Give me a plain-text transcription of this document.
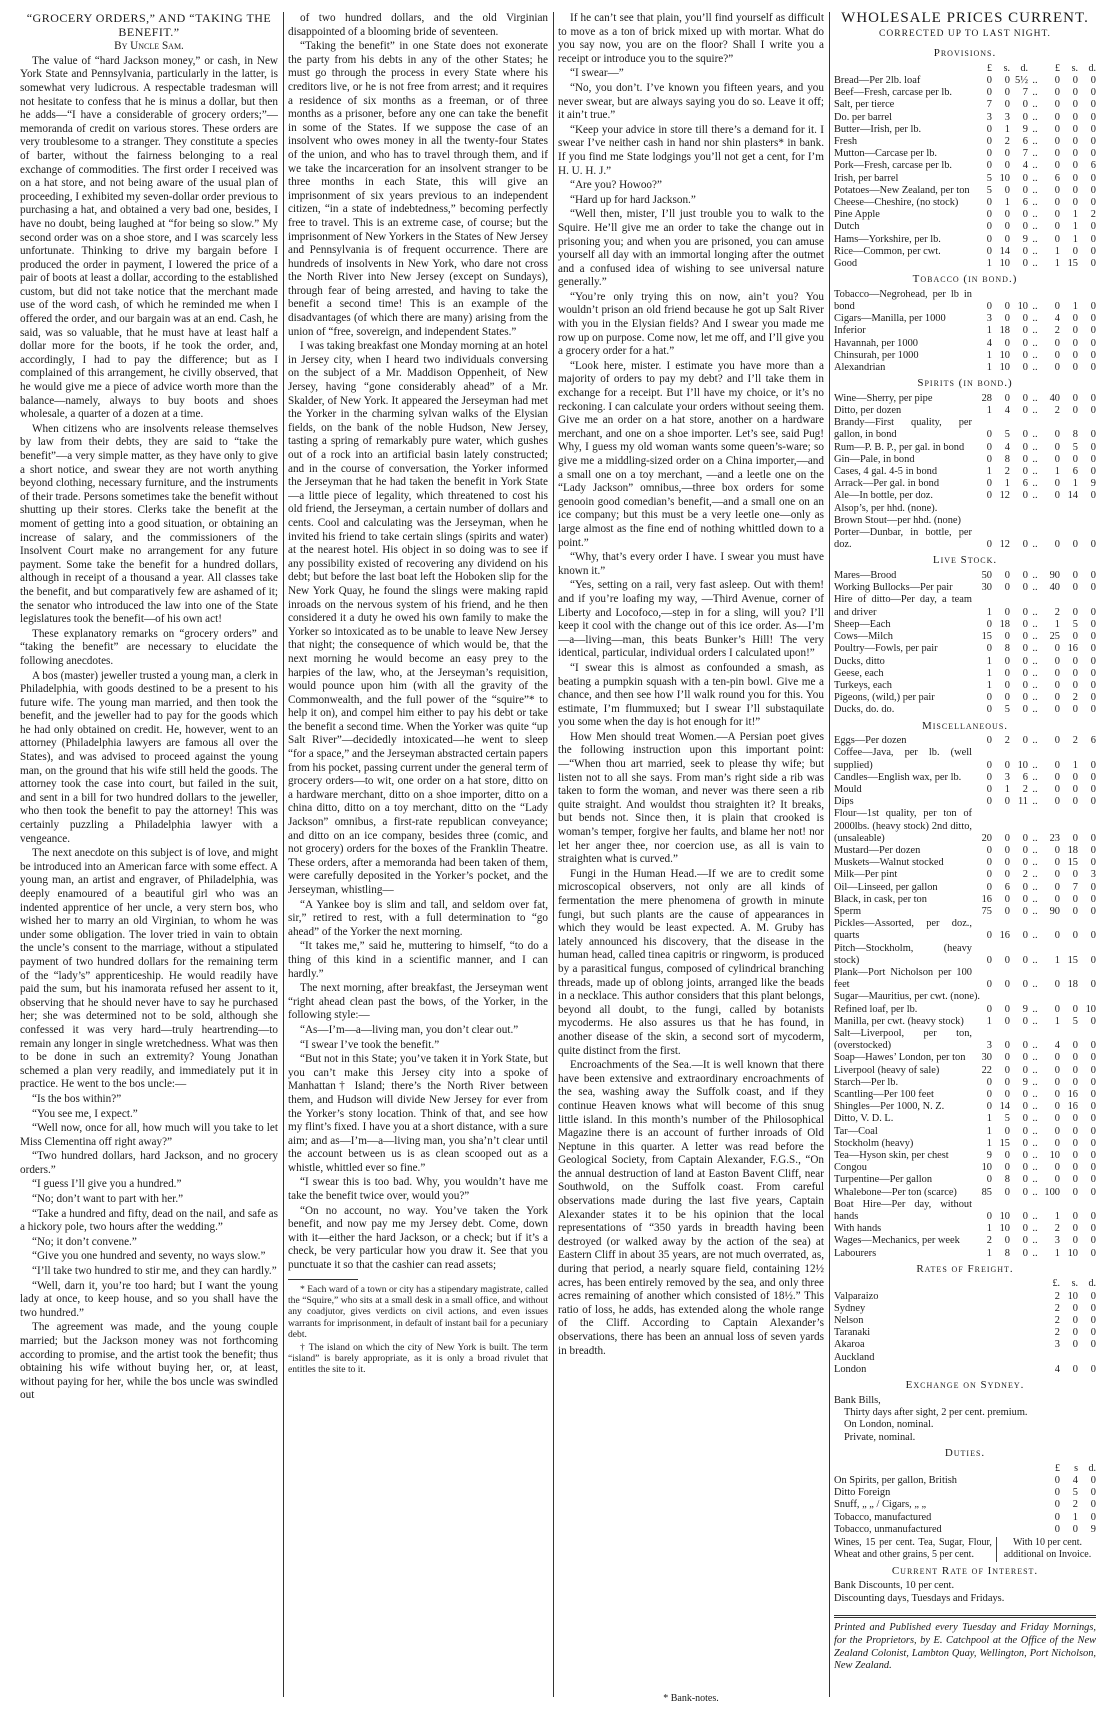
“GROCERY ORDERS,” AND “TAKING THE BENEFIT.”

By Uncle Sam.

The value of “hard Jackson money,” or cash, in New York State and Pennsylvania, particularly in the latter, is somewhat very ludicrous. A respectable tradesman will not hesitate to confess that he is minus a dollar, but then he adds—“I have a considerable of grocery orders;”—memoranda of credit on various stores. These orders are very troublesome to a stranger. They constitute a species of barter, without the fairness belonging to a real exchange of commodities. The first order I received was on a hat store, and not being aware of the usual plan of proceeding, I exhibited my seven-dollar order previous to purchasing a hat, and obtained a very bad one, besides, I have no doubt, being laughed at “for being so slow.” My second order was on a shoe store, and I was scarcely less unfortunate. Thinking to drive my bargain before I produced the order in payment, I lowered the price of a pair of boots at least a dollar, according to the established custom, but did not take notice that the merchant made use of the word cash, of which he reminded me when I offered the order, and our bargain was at an end. Cash, he said, was so valuable, that he must have at least half a dollar more for the boots, if he took the order, and, accordingly, I had to pay the difference; but as I complained of this arrangement, he civilly observed, that he would give me a piece of advice worth more than the balance—namely, always to buy boots and shoes wholesale, a quarter of a dozen at a time.

When citizens who are insolvents release themselves by law from their debts, they are said to “take the benefit”—a very simple matter, as they have only to give a short notice, and swear they are not worth anything beyond clothing, necessary furniture, and the instruments of their trade. Persons sometimes take the benefit without shutting up their stores. Clerks take the benefit at the moment of getting into a good situation, or obtaining an increase of salary, and the commissioners of the Insolvent Court make no arrangement for any future payment. Some take the benefit for a hundred dollars, although in receipt of a thousand a year. All classes take the benefit, and but comparatively few are ashamed of it; the senator who introduced the law into one of the State legislatures took the benefit—of his own act!

These explanatory remarks on “grocery orders” and “taking the benefit” are necessary to elucidate the following anecdotes.

A bos (master) jeweller trusted a young man, a clerk in Philadelphia, with goods destined to be a present to his future wife. The young man married, and then took the benefit, and the jeweller had to pay for the goods which he had only obtained on credit. He, however, went to an attorney (Philadelphia lawyers are famous all over the States), and was advised to proceed against the young man, on the ground that his wife still held the goods. The attorney took the case into court, but failed in the suit, and sent in a bill for two hundred dollars to the jeweller, who then took the benefit to pay the attorney! This was certainly puzzling a Philadelphia lawyer with a vengeance.

The next anecdote on this subject is of love, and might be introduced into an American farce with some effect. A young man, an artist and engraver, of Philadelphia, was deeply enamoured of a beautiful girl who was an indented apprentice of her uncle, a very stern bos, who wished her to marry an old Virginian, to whom he was under some obligation. The lover tried in vain to obtain the uncle’s consent to the marriage, without a stipulated payment of two hundred dollars for the remaining term of the “lady’s” apprenticeship. He would readily have paid the sum, but his inamorata refused her assent to it, observing that he should never have to say he purchased her; she was determined not to be sold, although she confessed it was very hard—truly heartrending—to remain any longer in single wretchedness. What was then to be done in such an extremity? Young Jonathan schemed a plan very readily, and immediately put it in practice. He went to the bos uncle:—

“Is the bos within?”

“You see me, I expect.”

“Well now, once for all, how much will you take to let Miss Clementina off right away?”

“Two hundred dollars, hard Jackson, and no grocery orders.”

“I guess I’ll give you a hundred.”

“No; don’t want to part with her.”

“Take a hundred and fifty, dead on the nail, and safe as a hickory pole, two hours after the wedding.”

“No; it don’t convene.”

“Give you one hundred and seventy, no ways slow.”

“I’ll take two hundred to stir me, and they can hardly.”

“Well, darn it, you’re too hard; but I want the young lady at once, to keep house, and so you shall have the two hundred.”

The agreement was made, and the young couple married; but the Jackson money was not forthcoming according to promise, and the artist took the benefit; thus obtaining his wife without buying her, or, at least, without paying for her, while the bos uncle was swindled out

of two hundred dollars, and the old Virginian disappointed of a blooming bride of seventeen.

“Taking the benefit” in one State does not exonerate the party from his debts in any of the other States; he must go through the process in every State where his creditors live, or he is not free from arrest; and it requires a residence of six months as a freeman, or of three months as a prisoner, before any one can take the benefit in some of the States. If we suppose the case of an insolvent who owes money in all the twenty-four States of the union, and who has to travel through them, and if we take the incarceration for an insolvent stranger to be three months in each State, this will give an imprisonment of six years previous to an independent citizen, “in a state of indebtedness,” becoming perfectly free to travel. This is an extreme case, of course; but the imprisonment of New Yorkers in the States of New Jersey and Pennsylvania is of frequent occurrence. There are hundreds of insolvents in New York, who dare not cross the North River into New Jersey (except on Sundays), through fear of being arrested, and having to take the benefit a second time! This is an example of the disadvantages (of which there are many) arising from the union of “free, sovereign, and independent States.”

I was taking breakfast one Monday morning at an hotel in Jersey city, when I heard two individuals conversing on the subject of a Mr. Maddison Oppenheit, of New Jersey, having “gone considerably ahead” of a Mr. Skalder, of New York. It appeared the Jerseyman had met the Yorker in the charming sylvan walks of the Elysian fields, on the bank of the noble Hudson, New Jersey, tasting a spring of remarkably pure water, which gushes out of a rock into an artificial basin lately constructed; and in the course of conversation, the Yorker informed the Jerseyman that he had taken the benefit in York State—a little piece of legality, which threatened to cost his old friend, the Jerseyman, a certain number of dollars and cents. Cool and calculating was the Jerseyman, when he invited his friend to take certain slings (spirits and water) at the nearest hotel. His object in so doing was to see if any possibility existed of recovering any dividend on his debt; but before the last boat left the Hoboken slip for the New York Quay, he found the slings were making rapid inroads on the nervous system of his friend, and he then considered it a duty he owed his own family to make the Yorker so intoxicated as to be unable to leave New Jersey that night; the consequence of which would be, that the next morning he would become an easy prey to the harpies of the law, who, at the Jerseyman’s requisition, would pounce upon him (with all the gravity of the Commonwealth, and the full power of the “squire”* to help it on), and compel him either to pay his debt or take the benefit a second time. When the Yorker was quite “up Salt River”—decidedly intoxicated—he went to sleep “for a space,” and the Jerseyman abstracted certain papers from his pocket, passing current under the general term of grocery orders—to wit, one order on a hat store, ditto on a hardware merchant, ditto on a shoe importer, ditto on a china ditto, ditto on a toy merchant, ditto on the “Lady Jackson” omnibus, a first-rate republican conveyance; and ditto on an ice company, besides three (comic, and not grocery) orders for the boxes of the Franklin Theatre. These orders, after a memoranda had been taken of them, were carefully deposited in the Yorker’s pocket, and the Jerseyman, whistling—

“A Yankee boy is slim and tall, and seldom over fat, sir,” retired to rest, with a full determination to “go ahead” of the Yorker the next morning.

“It takes me,” said he, muttering to himself, “to do a thing of this kind in a scientific manner, and I can hardly.”

The next morning, after breakfast, the Jerseyman went “right ahead clean past the bows, of the Yorker, in the following style:—

“As—I’m—a—living man, you don’t clear out.”

“I swear I’ve took the benefit.”

“But not in this State; you’ve taken it in York State, but you can’t make this Jersey city into a spoke of Manhattan† Island; there’s the North River between them, and Hudson will divide New Jersey for ever from the Yorker’s stony location. Think of that, and see how my flint’s fixed. I have you at a short distance, with a sure aim; and as—I’m—a—living man, you sha’n’t clear until the account between us is as clean scooped out as a whistle, whittled ever so fine.”

“I swear this is too bad. Why, you wouldn’t have me take the benefit twice over, would you?”

“On no account, no way. You’ve taken the York benefit, and now pay me my Jersey debt. Come, down with it—either the hard Jackson, or a check; but if it’s a check, be very particular how you draw it. See that you punctuate it so that the cashier can read assets;

* Each ward of a town or city has a stipendary magistrate, called the “Squire,” who sits at a small desk in a small office, and without any coadjutor, gives verdicts on civil actions, and even issues warrants for imprisonment, in default of instant bail for a pecuniary debt.

† The island on which the city of New York is built. The term “island” is barely appropriate, as it is only a broad rivulet that entitles the site to it.

If he can’t see that plain, you’ll find yourself as difficult to move as a ton of brick mixed up with mortar. What do you say now, you are on the floor? Shall I write you a receipt or introduce you to the squire?”

“I swear—”

“No, you don’t. I’ve known you fifteen years, and you never swear, but are always saying you do so. Leave it off; it ain’t true.”

“Keep your advice in store till there’s a demand for it. I swear I’ve neither cash in hand nor shin plasters* in bank. If you find me State lodgings you’ll not get a cent, for I’m H. U. H. J.”

“Are you? Howoo?”

“Hard up for hard Jackson.”

“Well then, mister, I’ll just trouble you to walk to the Squire. He’ll give me an order to take the change out in prisoning you; and when you are prisoned, you can amuse yourself all day with an immortal longing after the outmet and a confused idea of wishing to see universal nature generally.”

“You’re only trying this on now, ain’t you? You wouldn’t prison an old friend because he got up Salt River with you in the Elysian fields? And I swear you made me row up on purpose. Come now, let me off, and I’ll give you a grocery order for a hat.”

“Look here, mister. I estimate you have more than a majority of orders to pay my debt? and I’ll take them in exchange for a receipt. But I’ll have my choice, or it’s no reckoning. I can calculate your orders without seeing them. Give me an order on a hat store, another on a hardware merchant, and one on a shoe importer. Let’s see, said Pug! Why, I guess my old woman wants some queen’s-ware; so give me a middling-sized order on a China importer,—and a small one on a toy merchant, —and a leetle one on the “Lady Jackson” omnibus,—three box orders for some genooin good comedian’s benefit,—and a small one on an ice company; but this must be a very leetle one—only as large almost as the fine end of nothing whittled down to a point.”

“Why, that’s every order I have. I swear you must have known it.”

“Yes, setting on a rail, very fast asleep. Out with them! and if you’re loafing my way, —Third Avenue, corner of Liberty and Locofoco,—step in for a sling, will you? I’ll keep it cool with the change out of this ice order. As—I’m—a—living—man, this beats Bunker’s Hill! The very identical, particular, individual orders I calculated upon!”

“I swear this is almost as confounded a smash, as beating a pumpkin squash with a ten-pin bowl. Give me a chance, and then see how I’ll walk round you for this. You estimate, I’m flummuxed; but I swear I’ll substaquilate you some when the day is hot enough for it!”

How Men should treat Women.—A Persian poet gives the following instruction upon this important point:—“When thou art married, seek to please thy wife; but listen not to all she says. From man’s right side a rib was taken to form the woman, and never was there seen a rib quite straight. And wouldst thou straighten it? It breaks, but bends not. Since then, it is plain that crooked is woman’s temper, forgive her faults, and blame her not! nor let her anger thee, nor coercion use, as all is vain to straighten what is curved.”

Fungi in the Human Head.—If we are to credit some microscopical observers, not only are all kinds of fermentation the mere phenomena of growth in minute fungi, but such plants are the cause of appearances in which they would be least expected. A. M. Gruby has lately announced his discovery, that the disease in the human head, called tinea capitris or ringworm, is produced by a parasitical fungus, composed of cylindrical branching threads, made up of oblong joints, arranged like the beads in a necklace. This author considers that this plant belongs, beyond all doubt, to the fungi, called by botanists mycoderms. He also assures us that he has found, in another disease of the skin, a second sort of mycoderm, quite distinct from the first.

Encroachments of the Sea.—It is well known that there have been extensive and extraordinary encroachments of the sea, washing away the Suffolk coast, and if they continue Heaven knows what will become of this snug little island. In this month’s number of the Philosophical Magazine there is an account of further inroads of Old Neptune in this quarter. A letter was read before the Geological Society, from Captain Alexander, F.G.S., “On the annual destruction of land at Easton Bavent Cliff, near Southwold, on the Suffolk coast. From careful observations made during the last five years, Captain Alexander states it to be his opinion that the local representations of “350 yards in breadth having been destroyed (or walked away by the action of the sea) at Eastern Cliff in about 35 years, are not much overrated, as, during that period, a nearly square field, containing 12½ acres, has been entirely removed by the sea, and only three acres remaining of another which consisted of 18½.” This ratio of loss, he adds, has extended along the whole range of the Cliff. According to Captain Alexander’s observations, there has been an annual loss of seven yards in breadth.

WHOLESALE PRICES CURRENT.
CORRECTED UP TO LAST NIGHT.
Provisions.
	£	s.	d.		£	s.	d.
Bread—Per 2lb. loaf	0	0	5½	..	0	0	0
Beef—Fresh, carcase per lb.	0	0	7	..	0	0	0
Salt, per tierce	7	0	0	..	0	0	0
Do. per barrel	3	3	0	..	0	0	0
Butter—Irish, per lb.	0	1	9	..	0	0	0
Fresh	0	2	6	..	0	0	0
Mutton—Carcase per lb.	0	0	7	..	0	0	0
Pork—Fresh, carcase per lb.	0	0	4	..	0	0	6
Irish, per barrel	5	10	0	..	6	0	0
Potatoes—New Zealand, per ton	5	0	0	..	0	0	0
Cheese—Cheshire, (no stock)	0	1	6	..	0	0	0
Pine Apple	0	0	0	..	0	1	2
Dutch	0	0	0	..	0	1	0
Hams—Yorkshire, per lb.	0	0	9	..	0	1	0
Rice—Common, per cwt.	0	14	0	..	1	0	0
Good	1	10	0	..	1	15	0
Tobacco (in bond.)
Tobacco—Negrohead, per lb in bond	0	0	10	..	0	1	0
Cigars—Manilla, per 1000	3	0	0	..	4	0	0
Inferior	1	18	0	..	2	0	0
Havannah, per 1000	4	0	0	..	0	0	0
Chinsurah, per 1000	1	10	0	..	0	0	0
Alexandrian	1	10	0	..	0	0	0
Spirits (in bond.)
Wine—Sherry, per pipe	28	0	0	..	40	0	0
Ditto, per dozen	1	4	0	..	2	0	0
Brandy—First quality, per gallon, in bond	0	5	0	..	0	8	0
Rum—P. B. P., per gal. in bond	0	4	0	..	0	5	0
Gin—Pale, in bond	0	8	0	..	0	0	0
Cases, 4 gal. 4-5 in bond	1	2	0	..	1	6	0
Arrack—Per gal. in bond	0	1	6	..	0	1	9
Ale—In bottle, per doz.	0	12	0	..	0	14	0
Alsop’s, per hhd. (none).							
Brown Stout—per hhd. (none)							
Porter—Dunbar, in bottle, per doz.	0	12	0	..	0	0	0
Live Stock.
Mares—Brood	50	0	0	..	90	0	0
Working Bullocks—Per pair	30	0	0	..	40	0	0
Hire of ditto—Per day, a team and driver	1	0	0	..	2	0	0
Sheep—Each	0	18	0	..	1	5	0
Cows—Milch	15	0	0	..	25	0	0
Poultry—Fowls, per pair	0	8	0	..	0	16	0
Ducks, ditto	1	0	0	..	0	0	0
Geese, each	1	0	0	..	0	0	0
Turkeys, each	1	0	0	..	0	0	0
Pigeons, (wild,) per pair	0	0	0	..	0	2	0
Ducks, do. do.	0	5	0	..	0	0	0
Miscellaneous.
Eggs—Per dozen	0	2	0	..	0	2	6
Coffee—Java, per lb. (well supplied)	0	0	10	..	0	1	0
Candles—English wax, per lb.	0	3	6	..	0	0	0
Mould	0	1	2	..	0	0	0
Dips	0	0	11	..	0	0	0
Flour—1st quality, per ton of 2000lbs. (heavy stock) 2nd ditto, (unsaleable)	20	0	0	..	23	0	0
Mustard—Per dozen	0	0	0	..	0	18	0
Muskets—Walnut stocked	0	0	0	..	0	15	0
Milk—Per pint	0	0	2	..	0	0	3
Oil—Linseed, per gallon	0	6	0	..	0	7	0
Black, in cask, per ton	16	0	0	..	0	0	0
Sperm	75	0	0	..	90	0	0
Pickles—Assorted, per doz., quarts	0	16	0	..	0	0	0
Pitch—Stockholm, (heavy stock)	0	0	0	..	1	15	0
Plank—Port Nicholson per 100 feet	0	0	0	..	0	18	0
Sugar—Mauritius, per cwt. (none).							
Refined loaf, per lb.	0	0	9	..	0	0	10
Manilla, per cwt. (heavy stock)	1	0	0	..	1	5	0
Salt—Liverpool, per ton, (overstocked)	3	0	0	..	4	0	0
Soap—Hawes’ London, per ton	30	0	0	..	0	0	0
Liverpool (heavy of sale)	22	0	0	..	0	0	0
Starch—Per lb.	0	0	9	..	0	0	0
Scantling—Per 100 feet	0	0	0	..	0	16	0
Shingles—Per 1000, N. Z.	0	14	0	..	0	16	0
Ditto, V. D. L.	1	5	0	..	0	0	0
Tar—Coal	1	0	0	..	0	0	0
Stockholm (heavy)	1	15	0	..	0	0	0
Tea—Hyson skin, per chest	9	0	0	..	10	0	0
Congou	10	0	0	..	0	0	0
Turpentine—Per gallon	0	8	0	..	0	0	0
Whalebone—Per ton (scarce)	85	0	0	..	100	0	0
Boat Hire—Per day, without hands	0	10	0	..	1	0	0
With hands	1	10	0	..	2	0	0
Wages—Mechanics, per week	2	0	0	..	3	0	0
Labourers	1	8	0	..	1	10	0
Rates of Freight.
	£.	s.	d.
Valparaizo	2	10	0
Sydney	2	0	0
Nelson	2	0	0
Taranaki	2	0	0
Akaroa	3	0	0
Auckland			
London	4	0	0
Exchange on Sydney.
Bank Bills,
Thirty days after sight, 2 per cent. premium.
On London, nominal.
Private, nominal.
Duties.
	£	s	d.
On Spirits, per gallon, British	0	4	0
Ditto Foreign	0	5	0
Snuff, „ „ / Cigars, „ „	0	2	0
Tobacco, manufactured	0	1	0
Tobacco, unmanufactured	0	0	9
Wines, 15 per cent. Tea, Sugar, Flour, Wheat and other grains, 5 per cent.	With 10 per cent. additional on Invoice.
Current Rate of Interest.
Bank Discounts, 10 per cent.
Discounting days, Tuesdays and Fridays.
Printed and Published every Tuesday and Friday Mornings, for the Proprietors, by E. Catchpool at the Office of the New Zealand Colonist, Lambton Quay, Wellington, Port Nicholson, New Zealand.
* Bank-notes.
